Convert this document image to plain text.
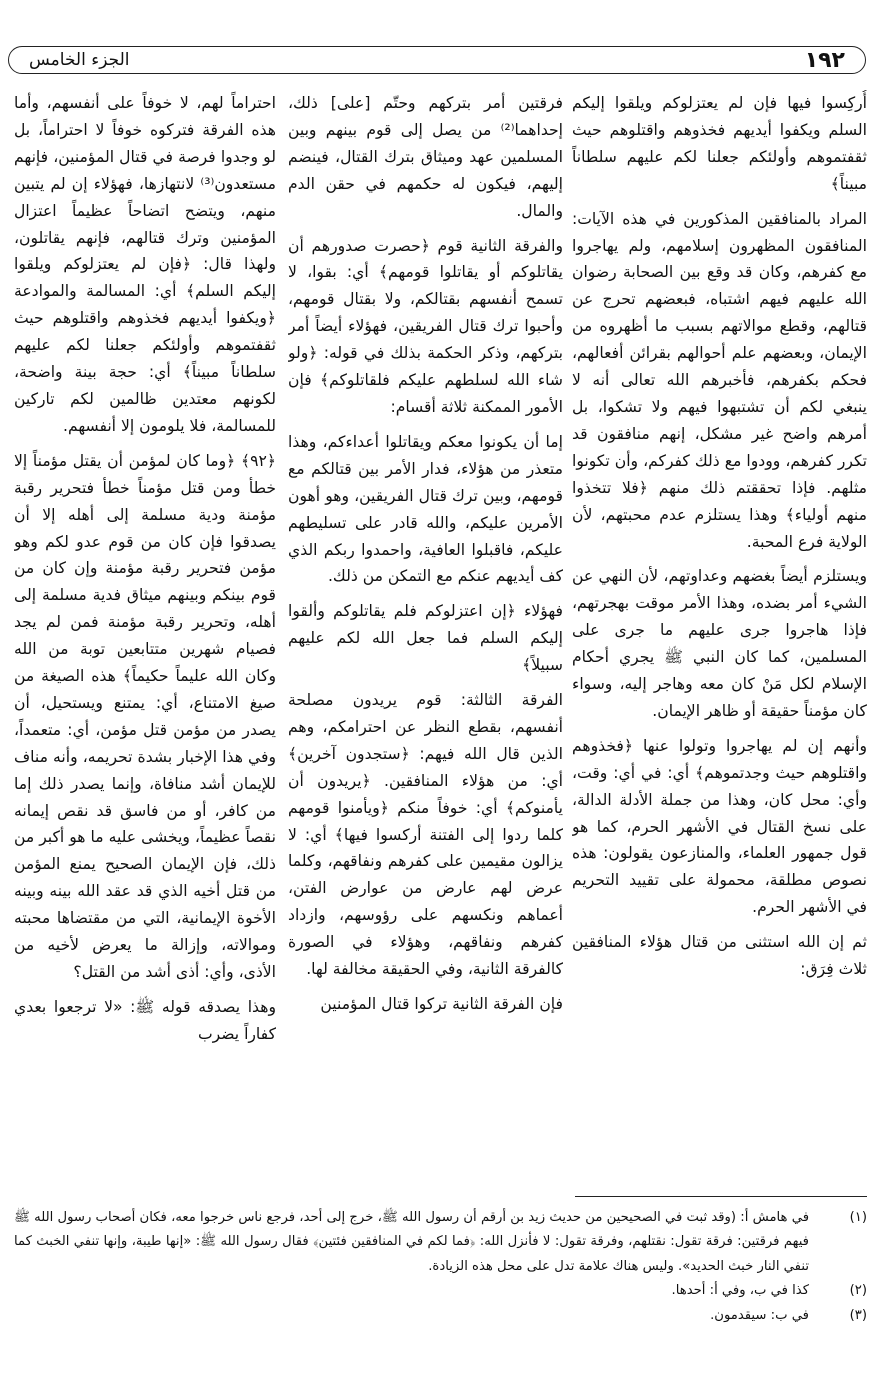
١٩٢
الجزء الخامس

أُركِسوا فيها فإن لم يعتزلوكم ويلقوا إليكم السلم ويكفوا أيديهم فخذوهم واقتلوهم حيث ثقفتموهم وأولئكم جعلنا لكم عليهم سلطاناً مبيناً﴾

المراد بالمنافقين المذكورين في هذه الآيات: المنافقون المظهرون إسلامهم، ولم يهاجروا مع كفرهم، وكان قد وقع بين الصحابة رضوان الله عليهم فيهم اشتباه، فبعضهم تحرج عن قتالهم، وقطع موالاتهم بسبب ما أظهروه من الإيمان، وبعضهم علم أحوالهم بقرائن أفعالهم، فحكم بكفرهم، فأخبرهم الله تعالى أنه لا ينبغي لكم أن تشتبهوا فيهم ولا تشكوا، بل أمرهم واضح غير مشكل، إنهم منافقون قد تكرر كفرهم، وودوا مع ذلك كفركم، وأن تكونوا مثلهم. فإذا تحققتم ذلك منهم ﴿فلا تتخذوا منهم أولياء﴾ وهذا يستلزم عدم محبتهم، لأن الولاية فرع المحبة.

ويستلزم أيضاً بغضهم وعداوتهم، لأن النهي عن الشيء أمر بضده، وهذا الأمر موقت بهجرتهم، فإذا هاجروا جرى عليهم ما جرى على المسلمين، كما كان النبي ﷺ يجري أحكام الإسلام لكل مَنْ كان معه وهاجر إليه، وسواء كان مؤمناً حقيقة أو ظاهر الإيمان.

وأنهم إن لم يهاجروا وتولوا عنها ﴿فخذوهم واقتلوهم حيث وجدتموهم﴾ أي: في أي: وقت، وأي: محل كان، وهذا من جملة الأدلة الدالة، على نسخ القتال في الأشهر الحرم، كما هو قول جمهور العلماء، والمنازعون يقولون: هذه نصوص مطلقة، محمولة على تقييد التحريم في الأشهر الحرم.

ثم إن الله استثنى من قتال هؤلاء المنافقين ثلاث فِرَق:

فرقتين أمر بتركهم وحتّم [على] ذلك، إحداهما⁽²⁾ من يصل إلى قوم بينهم وبين المسلمين عهد وميثاق بترك القتال، فينضم إليهم، فيكون له حكمهم في حقن الدم والمال.

والفرقة الثانية قوم ﴿حصرت صدورهم أن يقاتلوكم أو يقاتلوا قومهم﴾ أي: بقوا، لا تسمح أنفسهم بقتالكم، ولا بقتال قومهم، وأحبوا ترك قتال الفريقين، فهؤلاء أيضاً أمر بتركهم، وذكر الحكمة بذلك في قوله: ﴿ولو شاء الله لسلطهم عليكم فلقاتلوكم﴾ فإن الأمور الممكنة ثلاثة أقسام:

إما أن يكونوا معكم ويقاتلوا أعداءكم، وهذا متعذر من هؤلاء، فدار الأمر بين قتالكم مع قومهم، وبين ترك قتال الفريقين، وهو أهون الأمرين عليكم، والله قادر على تسليطهم عليكم، فاقبلوا العافية، واحمدوا ربكم الذي كف أيديهم عنكم مع التمكن من ذلك.

فهؤلاء ﴿إن اعتزلوكم فلم يقاتلوكم وألقوا إليكم السلم فما جعل الله لكم عليهم سبيلاً﴾

الفرقة الثالثة: قوم يريدون مصلحة أنفسهم، بقطع النظر عن احترامكم، وهم الذين قال الله فيهم: ﴿ستجدون آخرين﴾ أي: من هؤلاء المنافقين. ﴿يريدون أن يأمنوكم﴾ أي: خوفاً منكم ﴿ويأمنوا قومهم كلما ردوا إلى الفتنة أركسوا فيها﴾ أي: لا يزالون مقيمين على كفرهم ونفاقهم، وكلما عرض لهم عارض من عوارض الفتن، أعماهم ونكسهم على رؤوسهم، وازداد كفرهم ونفاقهم، وهؤلاء في الصورة كالفرقة الثانية، وفي الحقيقة مخالفة لها.

فإن الفرقة الثانية تركوا قتال المؤمنين

احتراماً لهم، لا خوفاً على أنفسهم، وأما هذه الفرقة فتركوه خوفاً لا احتراماً، بل لو وجدوا فرصة في قتال المؤمنين، فإنهم مستعدون⁽³⁾ لانتهازها، فهؤلاء إن لم يتبين منهم، ويتضح اتضاحاً عظيماً اعتزال المؤمنين وترك قتالهم، فإنهم يقاتلون، ولهذا قال: ﴿فإن لم يعتزلوكم ويلقوا إليكم السلم﴾ أي: المسالمة والموادعة ﴿ويكفوا أيديهم فخذوهم واقتلوهم حيث ثقفتموهم وأولئكم جعلنا لكم عليهم سلطاناً مبيناً﴾ أي: حجة بينة واضحة، لكونهم معتدين ظالمين لكم تاركين للمسالمة، فلا يلومون إلا أنفسهم.

﴿٩٢﴾ ﴿وما كان لمؤمن أن يقتل مؤمناً إلا خطأ ومن قتل مؤمناً خطأ فتحرير رقبة مؤمنة ودية مسلمة إلى أهله إلا أن يصدقوا فإن كان من قوم عدو لكم وهو مؤمن فتحرير رقبة مؤمنة وإن كان من قوم بينكم وبينهم ميثاق فدية مسلمة إلى أهله، وتحرير رقبة مؤمنة فمن لم يجد فصيام شهرين متتابعين توبة من الله وكان الله عليماً حكيماً﴾ هذه الصيغة من صيغ الامتناع، أي: يمتنع ويستحيل، أن يصدر من مؤمن قتل مؤمن، أي: متعمداً، وفي هذا الإخبار بشدة تحريمه، وأنه مناف للإيمان أشد منافاة، وإنما يصدر ذلك إما من كافر، أو من فاسق قد نقص إيمانه نقصاً عظيماً، ويخشى عليه ما هو أكبر من ذلك، فإن الإيمان الصحيح يمنع المؤمن من قتل أخيه الذي قد عقد الله بينه وبينه الأخوة الإيمانية، التي من مقتضاها محبته وموالاته، وإزالة ما يعرض لأخيه من الأذى، وأي: أذى أشد من القتل؟

وهذا يصدقه قوله ﷺ: «لا ترجعوا بعدي كفاراً يضرب

(١)
في هامش أ: (وقد ثبت في الصحيحين من حديث زيد بن أرقم أن رسول الله ﷺ، خرج إلى أحد، فرجع ناس خرجوا معه، فكان أصحاب رسول الله ﷺ فيهم فرقتين: فرقة تقول: نقتلهم، وفرقة تقول: لا فأنزل الله: ﴿فما لكم في المنافقين فئتين﴾ فقال رسول الله ﷺ: «إنها طيبة، وإنها تنفي الخبث كما تنفي النار خبث الحديد». وليس هناك علامة تدل على محل هذه الزيادة.
(٢)
كذا في ب، وفي أ: أحدها.
(٣)
في ب: سيقدمون.
